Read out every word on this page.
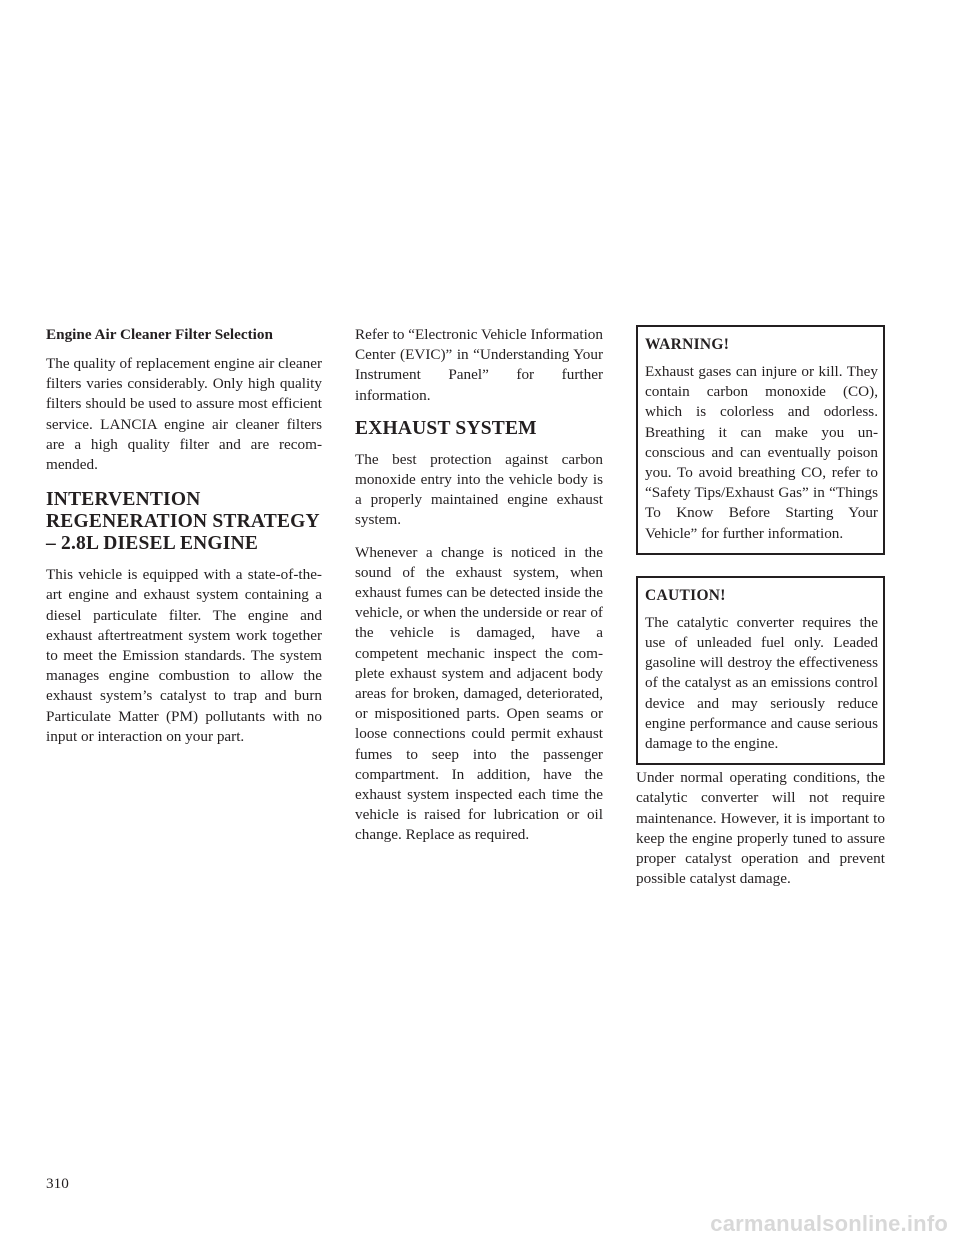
Engine Air Cleaner Filter Selection

The quality of replacement engine air cleaner filters varies considerably. Only high quality filters should be used to assure most efficient service. LANCIA engine air cleaner filters are a high quality filter and are recommended.

INTERVENTION REGENERATION STRATEGY – 2.8L DIESEL ENGINE

This vehicle is equipped with a state-of-the-art engine and exhaust system containing a diesel particulate filter. The engine and exhaust aftertreatment system work together to meet the Emission standards. The system manages engine combustion to allow the exhaust system’s catalyst to trap and burn Particulate Matter (PM) pollutants with no input or interaction on your part.

Refer to “Electronic Vehicle Information Center (EVIC)” in “Understanding Your Instrument Panel” for further information.

EXHAUST SYSTEM

The best protection against carbon monoxide entry into the vehicle body is a properly maintained engine exhaust system.

Whenever a change is noticed in the sound of the exhaust system, when exhaust fumes can be detected inside the vehicle, or when the underside or rear of the vehicle is damaged, have a competent mechanic inspect the complete exhaust system and adjacent body areas for broken, damaged, deteriorated, or mispositioned parts. Open seams or loose connections could permit exhaust fumes to seep into the passenger compartment. In addition, have the exhaust system inspected each time the vehicle is raised for lubrication or oil change. Replace as required.

WARNING!

Exhaust gases can injure or kill. They contain carbon monoxide (CO), which is colorless and odorless. Breathing it can make you unconscious and can eventually poison you. To avoid breathing CO, refer to “Safety Tips/Exhaust Gas” in “Things To Know Before Starting Your Vehicle” for further information.

CAUTION!

The catalytic converter requires the use of unleaded fuel only. Leaded gasoline will destroy the effectiveness of the catalyst as an emissions control device and may seriously reduce engine performance and cause serious damage to the engine.

Under normal operating conditions, the catalytic converter will not require maintenance. However, it is important to keep the engine properly tuned to assure proper catalyst operation and prevent possible catalyst damage.

310
carmanualsonline.info
